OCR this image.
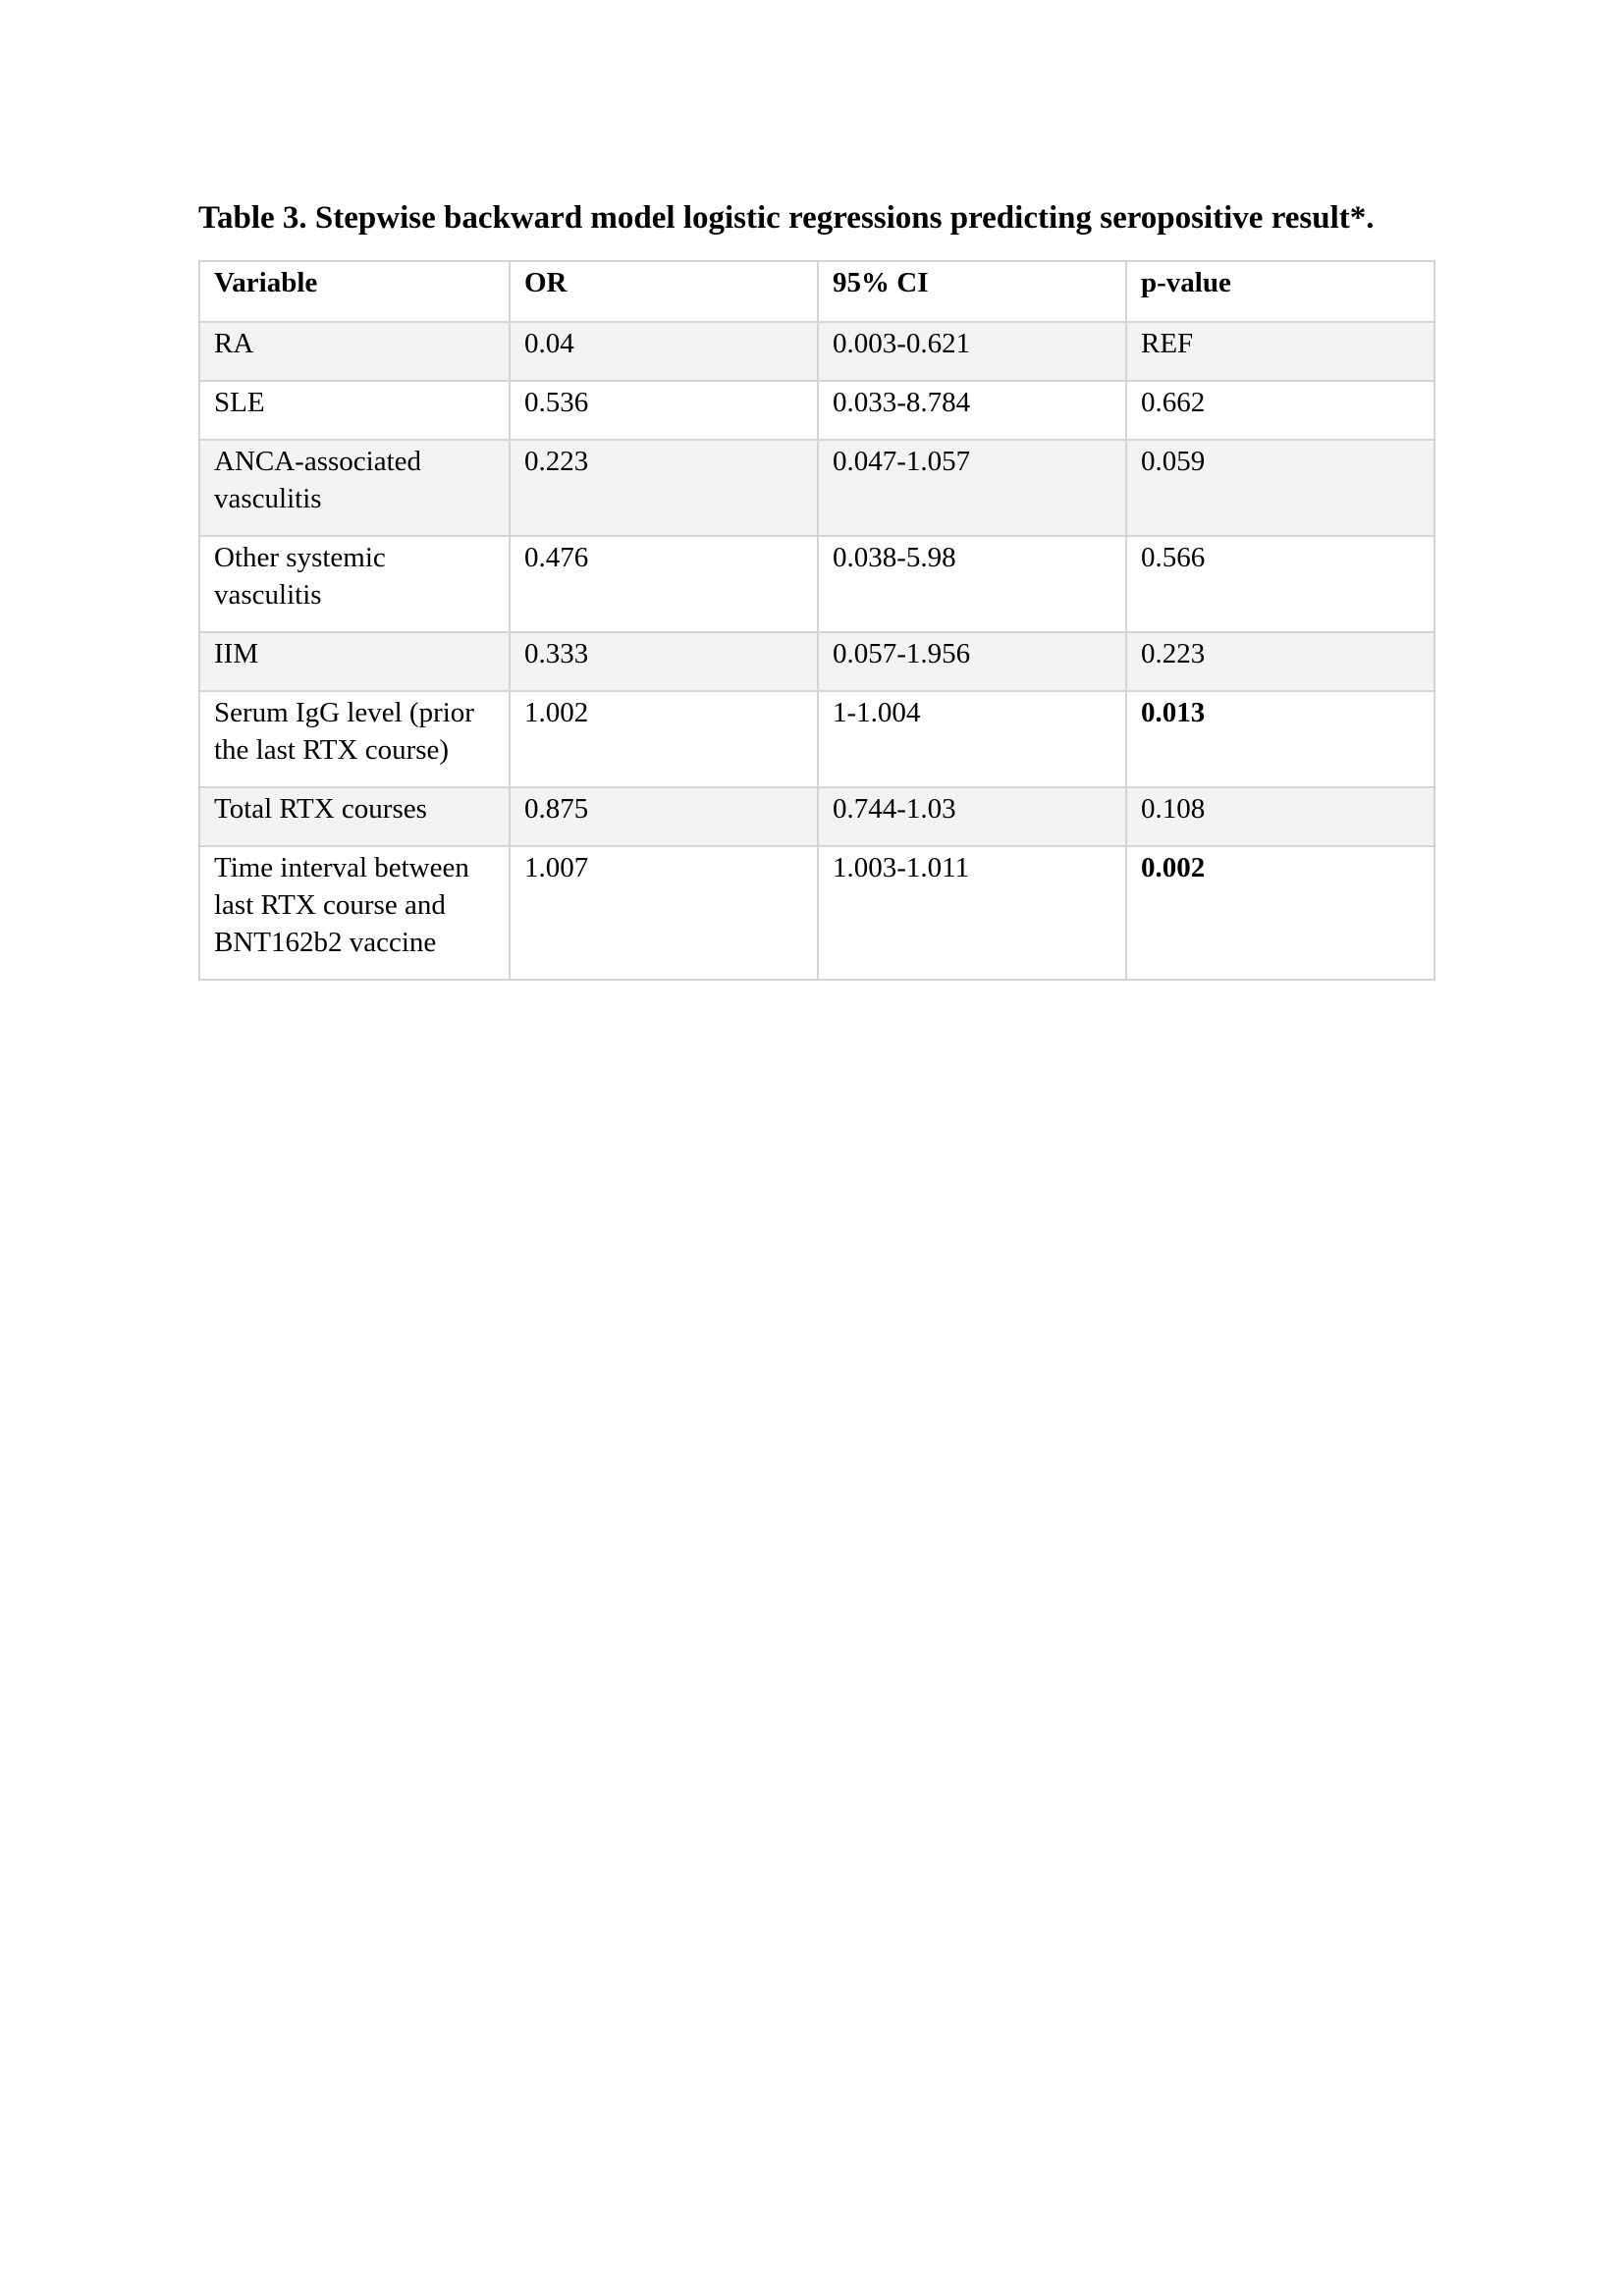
Table 3. Stepwise backward model logistic regressions predicting seropositive result*.
Variable	OR	95% CI	p-value
RA	0.04	0.003-0.621	REF
SLE	0.536	0.033-8.784	0.662
ANCA-associated vasculitis	0.223	0.047-1.057	0.059
Other systemic vasculitis	0.476	0.038-5.98	0.566
IIM	0.333	0.057-1.956	0.223
Serum IgG level (prior the last RTX course)	1.002	1-1.004	0.013
Total RTX courses	0.875	0.744-1.03	0.108
Time interval between last RTX course and BNT162b2 vaccine	1.007	1.003-1.011	0.002
